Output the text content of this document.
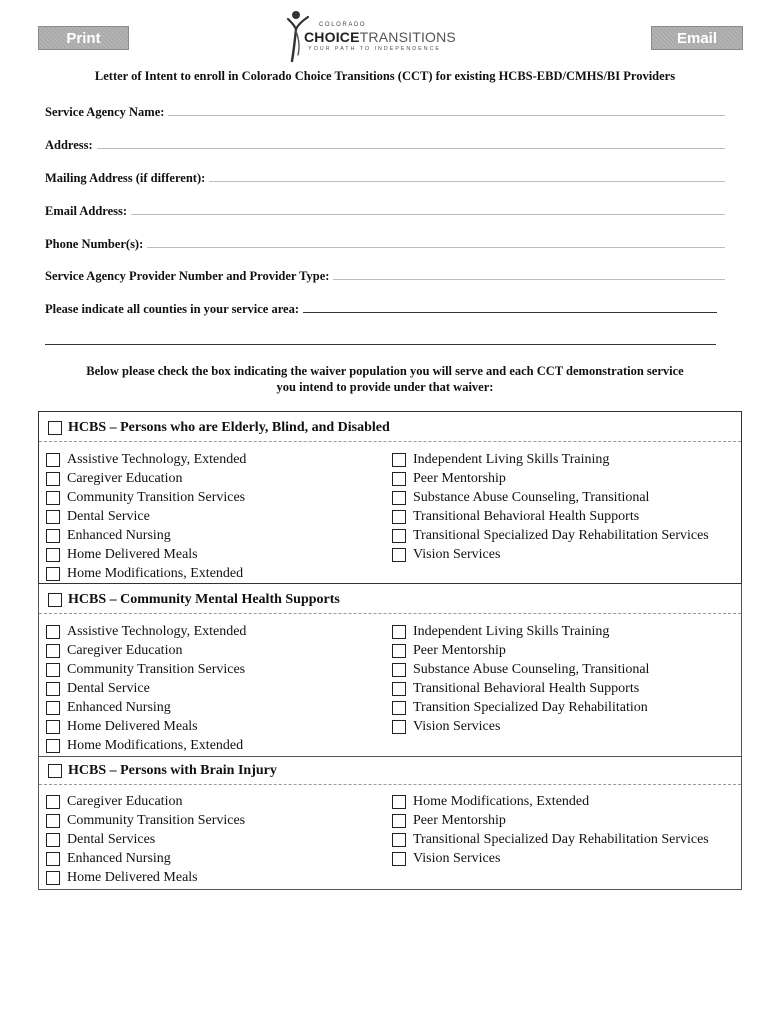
Print	Email
COLORADO
CHOICETRANSITIONS
YOUR PATH TO INDEPENDENCE
Letter of Intent to enroll in Colorado Choice Transitions (CCT) for existing HCBS-EBD/CMHS/BI Providers
Service Agency Name:
Address:
Mailing Address (if different):
Email Address:
Phone Number(s):
Service Agency Provider Number and Provider Type:
Please indicate all counties in your service area:
Below please check the box indicating the waiver population you will serve and each CCT demonstration service
you intend to provide under that waiver:
HCBS – Persons who are Elderly, Blind, and Disabled
HCBS – Community Mental Health Supports
HCBS – Persons with Brain Injury
Assistive Technology, Extended
Caregiver Education
Community Transition Services
Dental Service
Enhanced Nursing
Home Delivered Meals
Home Modifications, Extended
Independent Living Skills Training
Peer Mentorship
Substance Abuse Counseling, Transitional
Transitional Behavioral Health Supports
Transitional Specialized Day Rehabilitation Services
Vision Services
Assistive Technology, Extended
Caregiver Education
Community Transition Services
Dental Service
Enhanced Nursing
Home Delivered Meals
Home Modifications, Extended
Independent Living Skills Training
Peer Mentorship
Substance Abuse Counseling, Transitional
Transitional Behavioral Health Supports
Transition Specialized Day Rehabilitation
Vision Services
Caregiver Education
Community Transition Services
Dental Services
Enhanced Nursing
Home Delivered Meals
Home Modifications, Extended
Peer Mentorship
Transitional Specialized Day Rehabilitation Services
Vision Services
